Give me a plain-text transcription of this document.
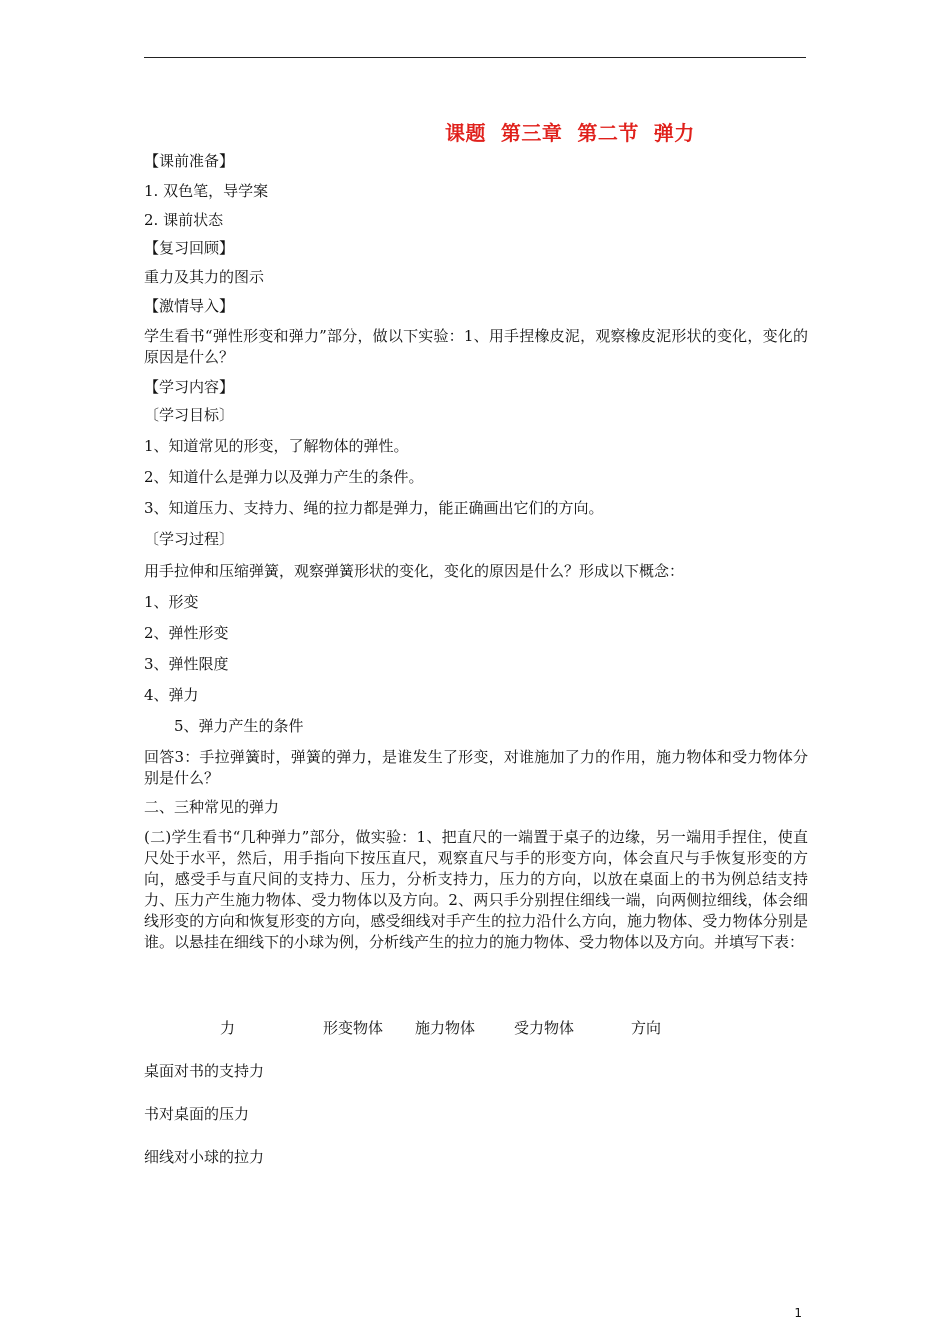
课题  第三章  第二节  弹力
【课前准备】
1. 双色笔，导学案
2. 课前状态
【复习回顾】
重力及其力的图示
【激情导入】
学生看书“弹性形变和弹力”部分，做以下实验：1、用手捏橡皮泥，观察橡皮泥形状的变化，变化的原因是什么？
【学习内容】
〔学习目标〕
1、知道常见的形变，了解物体的弹性。
2、知道什么是弹力以及弹力产生的条件。
3、知道压力、支持力、绳的拉力都是弹力，能正确画出它们的方向。
〔学习过程〕
用手拉伸和压缩弹簧，观察弹簧形状的变化，变化的原因是什么？形成以下概念：
1、形变
2、弹性形变
3、弹性限度
4、弹力
5、弹力产生的条件
回答3：手拉弹簧时，弹簧的弹力，是谁发生了形变，对谁施加了力的作用，施力物体和受力物体分别是什么？
二、三种常见的弹力
(二)学生看书“几种弹力”部分，做实验：1、把直尺的一端置于桌子的边缘，另一端用手捏住，使直尺处于水平，然后，用手指向下按压直尺，观察直尺与手的形变方向，体会直尺与手恢复形变的方向，感受手与直尺间的支持力、压力，分析支持力，压力的方向，以放在桌面上的书为例总结支持力、压力产生施力物体、受力物体以及方向。2、两只手分别捏住细线一端，向两侧拉细线，体会细线形变的方向和恢复形变的方向，感受细线对手产生的拉力沿什么方向，施力物体、受力物体分别是谁。以悬挂在细线下的小球为例，分析线产生的拉力的施力物体、受力物体以及方向。并填写下表：
力	形变物体 施力物体	受力物体	方向
桌面对书的支持力
书对桌面的压力
细线对小球的拉力
1
